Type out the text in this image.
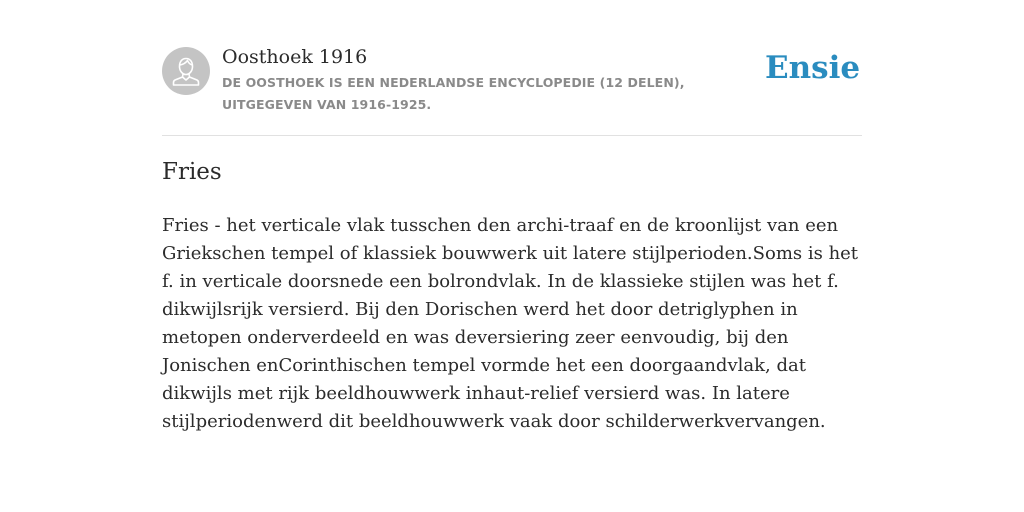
Oosthoek 1916
DE OOSTHOEK IS EEN NEDERLANDSE ENCYCLOPEDIE (12 DELEN), UITGEGEVEN VAN 1916-1925.
Ensie
Fries
Fries - het verticale vlak tusschen den archi-traaf en de kroonlijst van een Griekschen tempel of klassiek bouwwerk uit latere stijlperioden.Soms is het f. in verticale doorsnede een bolrondvlak. In de klassieke stijlen was het f. dikwijlsrijk versierd. Bij den Dorischen werd het door detriglyphen in metopen onderverdeeld en was deversiering zeer eenvoudig, bij den Jonischen enCorinthischen tempel vormde het een doorgaandvlak, dat dikwijls met rijk beeldhouwwerk inhaut-relief versierd was. In latere stijlperiodenwerd dit beeldhouwwerk vaak door schilderwerkvervangen.
